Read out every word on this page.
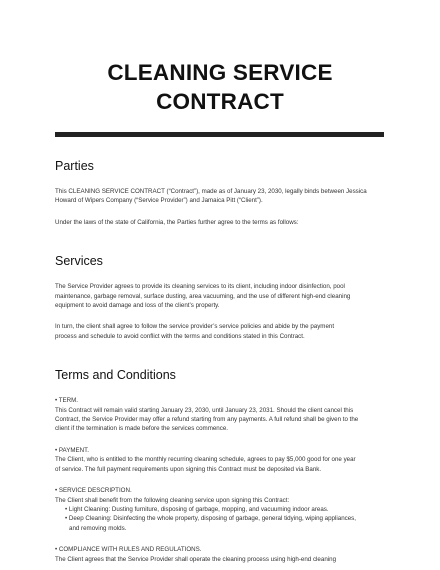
CLEANING SERVICE
CONTRACT
Parties

This CLEANING SERVICE CONTRACT (“Contract”), made as of January 23, 2030, legally binds between Jessica
Howard of Wipers Company (“Service Provider”) and Jamaica Pitt (“Client”).

Under the laws of the state of California, the Parties further agree to the terms as follows:

Services

The Service Provider agrees to provide its cleaning services to its client, including indoor disinfection, pool
maintenance, garbage removal, surface dusting, area vacuuming, and the use of different high-end cleaning
equipment to avoid damage and loss of the client’s property.

In turn, the client shall agree to follow the service provider’s service policies and abide by the payment
process and schedule to avoid conflict with the terms and conditions stated in this Contract.

Terms and Conditions

• TERM.
This Contract will remain valid starting January 23, 2030, until January 23, 2031. Should the client cancel this
Contract, the Service Provider may offer a refund starting from any payments. A full refund shall be given to the
client if the termination is made before the services commence.

• PAYMENT.
The Client, who is entitled to the monthly recurring cleaning schedule, agrees to pay $5,000 good for one year
of service. The full payment requirements upon signing this Contract must be deposited via Bank.

• SERVICE DESCRIPTION.
The Client shall benefit from the following cleaning service upon signing this Contract:
• Light Cleaning: Dusting furniture, disposing of garbage, mopping, and vacuuming indoor areas.
• Deep Cleaning: Disinfecting the whole property, disposing of garbage, general tidying, wiping appliances,
and removing molds.

• COMPLIANCE WITH RULES AND REGULATIONS.
The Client agrees that the Service Provider shall operate the cleaning process using high-end cleaning
